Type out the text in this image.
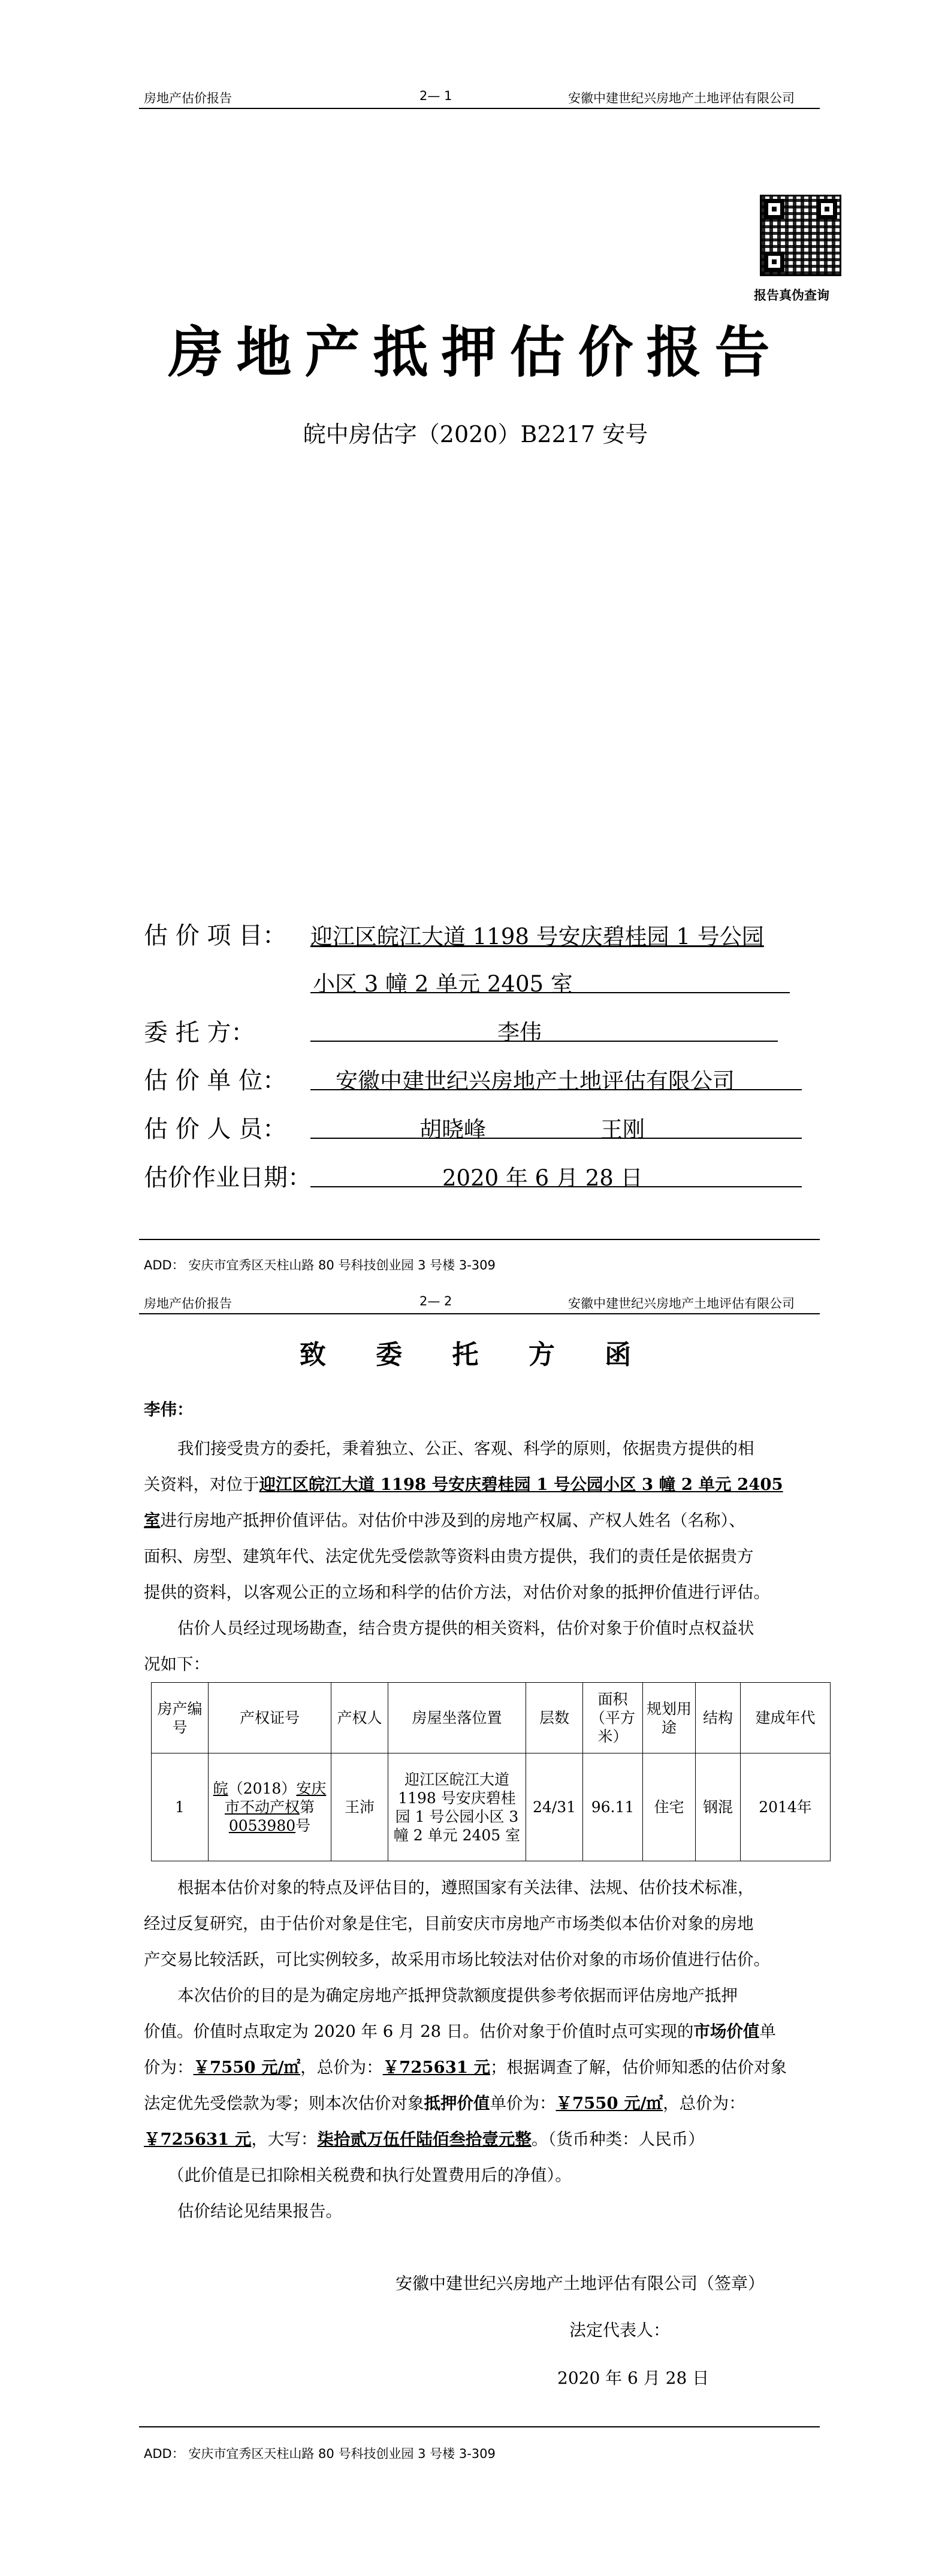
房地产估价报告	2— 1	安徽中建世纪兴房地产土地评估有限公司
报告真伪查询
房地产抵押估价报告
皖中房估字（2020）B2217 安号
估 价 项 目： 迎江区皖江大道 1198 号安庆碧桂园 1 号公园
小区 3 幢 2 单元 2405 室
委 托 方：	李伟
估 价 单 位： 安徽中建世纪兴房地产土地评估有限公司
估 价 人 员：	胡晓峰	王刚
估价作业日期：	2020 年 6 月 28 日
ADD： 安庆市宜秀区天柱山路 80 号科技创业园 3 号楼 3-309
房地产估价报告	2— 2	安徽中建世纪兴房地产土地评估有限公司
致 委 托 方 函
李伟：
我们接受贵方的委托，秉着独立、公正、客观、科学的原则，依据贵方提供的相
关资料，对位于迎江区皖江大道 1198 号安庆碧桂园 1 号公园小区 3 幢 2 单元 2405
室进行房地产抵押价值评估。对估价中涉及到的房地产权属、产权人姓名（名称）、
面积、房型、建筑年代、法定优先受偿款等资料由贵方提供，我们的责任是依据贵方
提供的资料，以客观公正的立场和科学的估价方法，对估价对象的抵押价值进行评估。
估价人员经过现场勘查，结合贵方提供的相关资料，估价对象于价值时点权益状
况如下：
房产编号	产权证号	产权人	房屋坐落位置	层数	面积（平方米）	规划用途	结构	建成年代
1	皖（2018）安庆市不动产权第0053980号	王沛	迎江区皖江大道 1198 号安庆碧桂园 1 号公园小区 3 幢 2 单元 2405 室	24/31	96.11	住宅	钢混	2014年
根据本估价对象的特点及评估目的，遵照国家有关法律、法规、估价技术标准，
经过反复研究，由于估价对象是住宅，目前安庆市房地产市场类似本估价对象的房地
产交易比较活跃，可比实例较多，故采用市场比较法对估价对象的市场价值进行估价。
本次估价的目的是为确定房地产抵押贷款额度提供参考依据而评估房地产抵押
价值。价值时点取定为 2020 年 6 月 28 日。估价对象于价值时点可实现的市场价值单
价为：￥7550 元/㎡，总价为：￥725631 元；根据调查了解，估价师知悉的估价对象
法定优先受偿款为零；则本次估价对象抵押价值单价为：￥7550 元/㎡，总价为：
￥725631 元，大写：柒拾贰万伍仟陆佰叁拾壹元整。（货币种类：人民币）
（此价值是已扣除相关税费和执行处置费用后的净值）。
估价结论见结果报告。
安徽中建世纪兴房地产土地评估有限公司（签章）
法定代表人：
2020 年 6 月 28 日
ADD： 安庆市宜秀区天柱山路 80 号科技创业园 3 号楼 3-309
